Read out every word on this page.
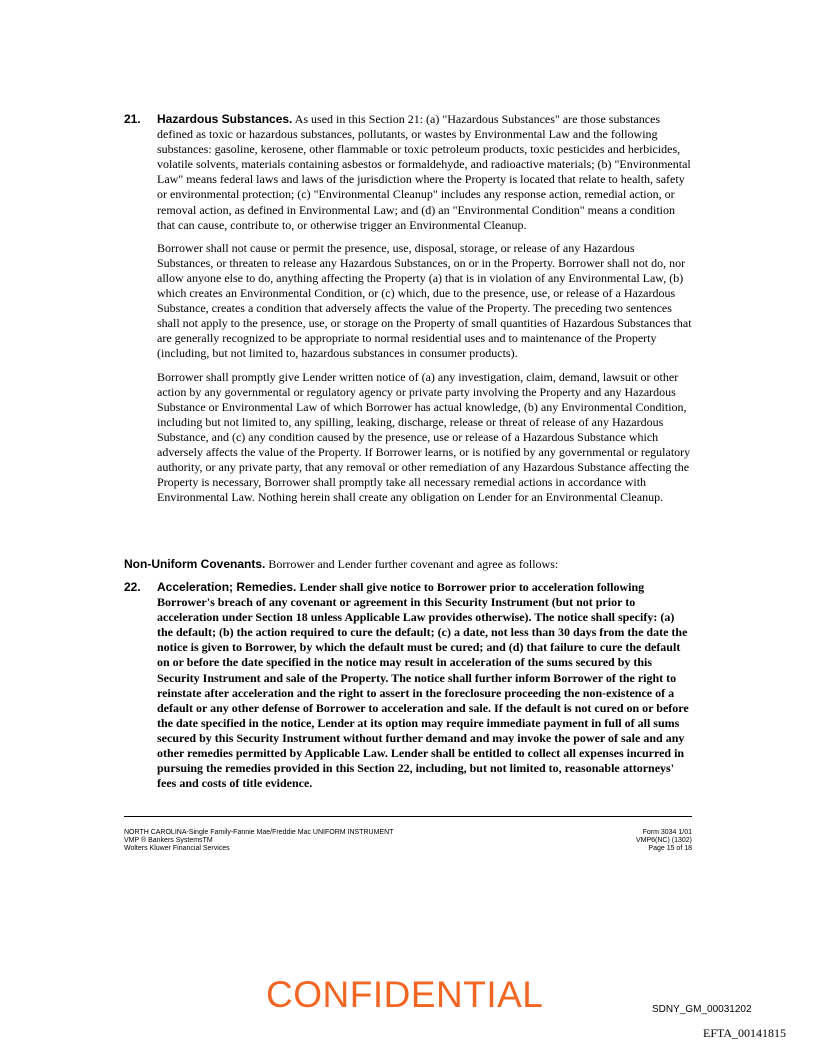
21. Hazardous Substances. As used in this Section 21: (a) "Hazardous Substances" are those substances defined as toxic or hazardous substances, pollutants, or wastes by Environmental Law and the following substances: gasoline, kerosene, other flammable or toxic petroleum products, toxic pesticides and herbicides, volatile solvents, materials containing asbestos or formaldehyde, and radioactive materials; (b) "Environmental Law" means federal laws and laws of the jurisdiction where the Property is located that relate to health, safety or environmental protection; (c) "Environmental Cleanup" includes any response action, remedial action, or removal action, as defined in Environmental Law; and (d) an "Environmental Condition" means a condition that can cause, contribute to, or otherwise trigger an Environmental Cleanup.

Borrower shall not cause or permit the presence, use, disposal, storage, or release of any Hazardous Substances, or threaten to release any Hazardous Substances, on or in the Property. Borrower shall not do, nor allow anyone else to do, anything affecting the Property (a) that is in violation of any Environmental Law, (b) which creates an Environmental Condition, or (c) which, due to the presence, use, or release of a Hazardous Substance, creates a condition that adversely affects the value of the Property. The preceding two sentences shall not apply to the presence, use, or storage on the Property of small quantities of Hazardous Substances that are generally recognized to be appropriate to normal residential uses and to maintenance of the Property (including, but not limited to, hazardous substances in consumer products).

Borrower shall promptly give Lender written notice of (a) any investigation, claim, demand, lawsuit or other action by any governmental or regulatory agency or private party involving the Property and any Hazardous Substance or Environmental Law of which Borrower has actual knowledge, (b) any Environmental Condition, including but not limited to, any spilling, leaking, discharge, release or threat of release of any Hazardous Substance, and (c) any condition caused by the presence, use or release of a Hazardous Substance which adversely affects the value of the Property. If Borrower learns, or is notified by any governmental or regulatory authority, or any private party, that any removal or other remediation of any Hazardous Substance affecting the Property is necessary, Borrower shall promptly take all necessary remedial actions in accordance with Environmental Law. Nothing herein shall create any obligation on Lender for an Environmental Cleanup.

Non-Uniform Covenants. Borrower and Lender further covenant and agree as follows:
22. Acceleration; Remedies. Lender shall give notice to Borrower prior to acceleration following Borrower's breach of any covenant or agreement in this Security Instrument (but not prior to acceleration under Section 18 unless Applicable Law provides otherwise). The notice shall specify: (a) the default; (b) the action required to cure the default; (c) a date, not less than 30 days from the date the notice is given to Borrower, by which the default must be cured; and (d) that failure to cure the default on or before the date specified in the notice may result in acceleration of the sums secured by this Security Instrument and sale of the Property. The notice shall further inform Borrower of the right to reinstate after acceleration and the right to assert in the foreclosure proceeding the non-existence of a default or any other defense of Borrower to acceleration and sale. If the default is not cured on or before the date specified in the notice, Lender at its option may require immediate payment in full of all sums secured by this Security Instrument without further demand and may invoke the power of sale and any other remedies permitted by Applicable Law. Lender shall be entitled to collect all expenses incurred in pursuing the remedies provided in this Section 22, including, but not limited to, reasonable attorneys' fees and costs of title evidence.

NORTH CAROLINA-Single Family-Fannie Mae/Freddie Mac UNIFORM INSTRUMENT
VMP ® Bankers SystemsTM
Wolters Kluwer Financial Services
Form 3034 1/01
VMP6(NC) (1302)
Page 15 of 18
CONFIDENTIAL	SDNY_GM_00031202
EFTA_00141815
